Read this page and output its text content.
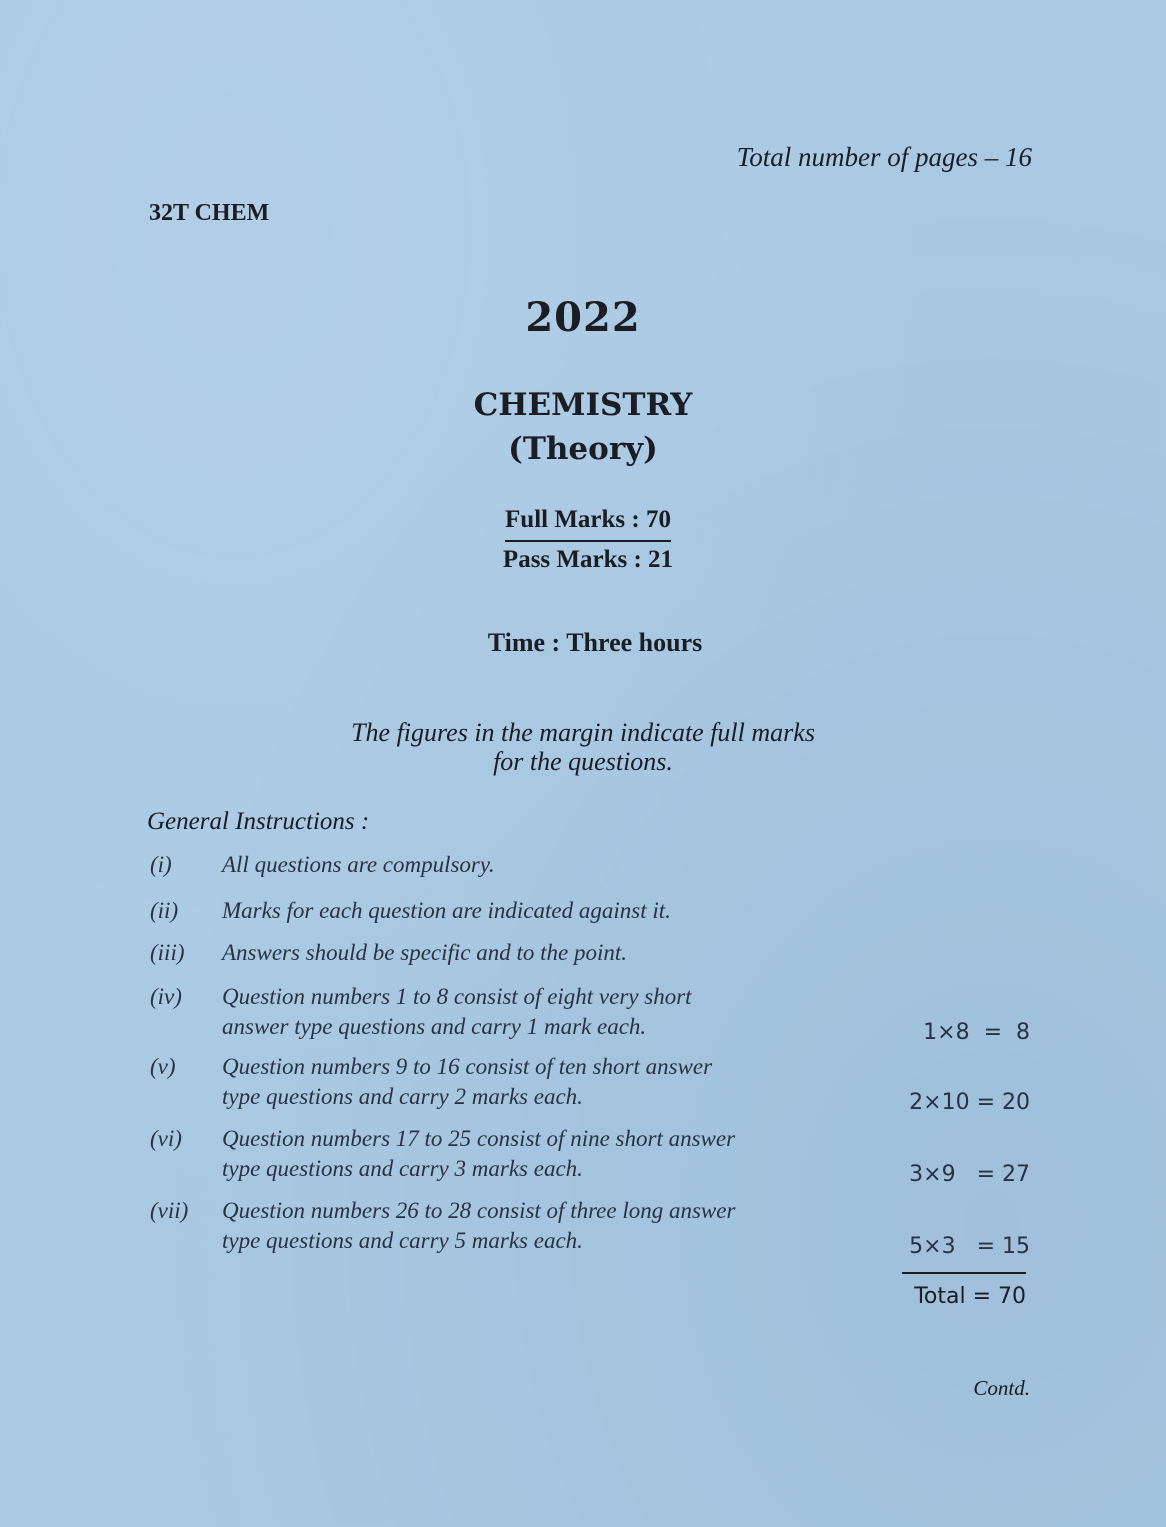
Total number of pages – 16
32T CHEM
2022
CHEMISTRY
(Theory)
Full Marks : 70
Pass Marks : 21
Time : Three hours
The figures in the margin indicate full marks
for the questions.
General Instructions :
(i)	All questions are compulsory.
(ii)	Marks for each question are indicated against it.
(iii)	Answers should be specific and to the point.
(iv)	Question numbers 1 to 8 consist of eight very short
answer type questions and carry 1 mark each.	1×8  =  8
(v)	Question numbers 9 to 16 consist of ten short answer
type questions and carry 2 marks each.	2×10 = 20
(vi)	Question numbers 17 to 25 consist of nine short answer
type questions and carry 3 marks each.	3×9   = 27
(vii)	Question numbers 26 to 28 consist of three long answer
type questions and carry 5 marks each.	5×3   = 15
Total = 70
Contd.
